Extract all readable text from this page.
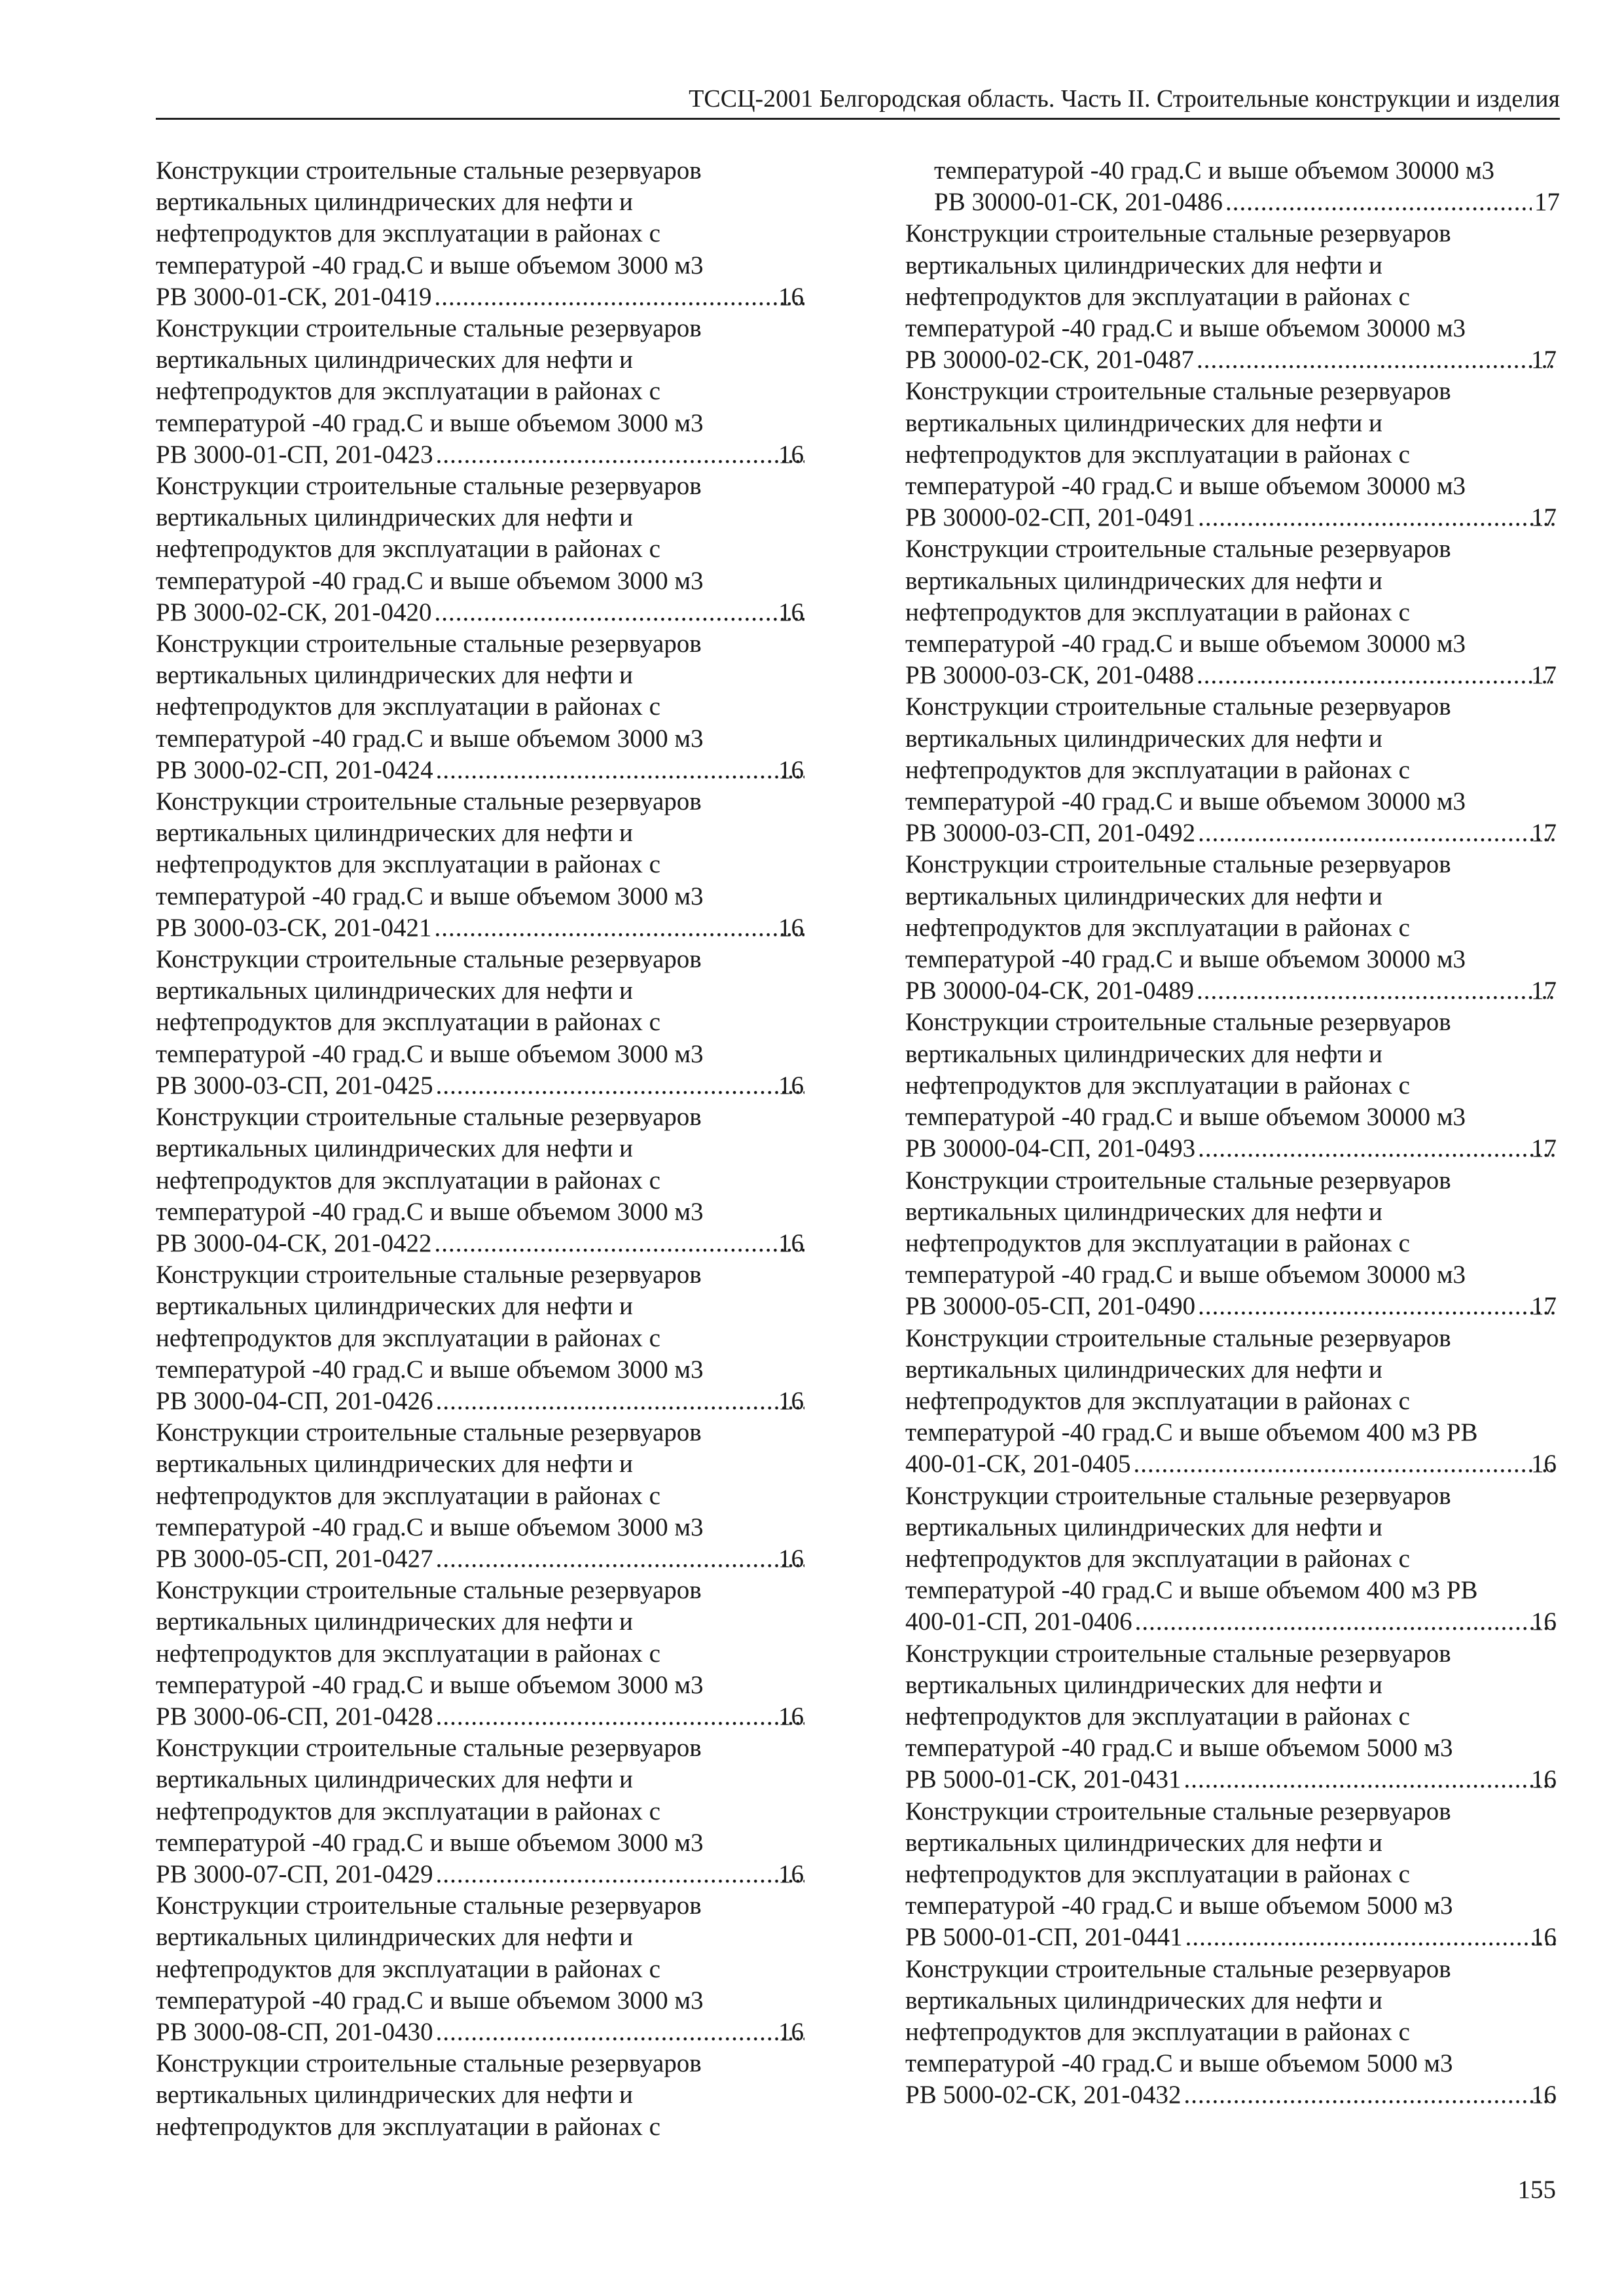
ТССЦ-2001 Белгородская область. Часть II. Строительные конструкции и изделия
Конструкции строительные стальные резервуаров
вертикальных цилиндрических для нефти и
нефтепродуктов для эксплуатации в районах с
температурой -40 град.С и выше объемом 3000 м3
РВ 3000-01-СК, 201-0419 .....	16
Конструкции строительные стальные резервуаров
вертикальных цилиндрических для нефти и
нефтепродуктов для эксплуатации в районах с
температурой -40 град.С и выше объемом 3000 м3
РВ 3000-01-СП, 201-0423 .....	16
Конструкции строительные стальные резервуаров
вертикальных цилиндрических для нефти и
нефтепродуктов для эксплуатации в районах с
температурой -40 град.С и выше объемом 3000 м3
РВ 3000-02-СК, 201-0420 .....	16
Конструкции строительные стальные резервуаров
вертикальных цилиндрических для нефти и
нефтепродуктов для эксплуатации в районах с
температурой -40 град.С и выше объемом 3000 м3
РВ 3000-02-СП, 201-0424 .....	16
Конструкции строительные стальные резервуаров
вертикальных цилиндрических для нефти и
нефтепродуктов для эксплуатации в районах с
температурой -40 град.С и выше объемом 3000 м3
РВ 3000-03-СК, 201-0421 .....	16
Конструкции строительные стальные резервуаров
вертикальных цилиндрических для нефти и
нефтепродуктов для эксплуатации в районах с
температурой -40 град.С и выше объемом 3000 м3
РВ 3000-03-СП, 201-0425 .....	16
Конструкции строительные стальные резервуаров
вертикальных цилиндрических для нефти и
нефтепродуктов для эксплуатации в районах с
температурой -40 град.С и выше объемом 3000 м3
РВ 3000-04-СК, 201-0422 .....	16
Конструкции строительные стальные резервуаров
вертикальных цилиндрических для нефти и
нефтепродуктов для эксплуатации в районах с
температурой -40 град.С и выше объемом 3000 м3
РВ 3000-04-СП, 201-0426 .....	16
Конструкции строительные стальные резервуаров
вертикальных цилиндрических для нефти и
нефтепродуктов для эксплуатации в районах с
температурой -40 град.С и выше объемом 3000 м3
РВ 3000-05-СП, 201-0427 .....	16
Конструкции строительные стальные резервуаров
вертикальных цилиндрических для нефти и
нефтепродуктов для эксплуатации в районах с
температурой -40 град.С и выше объемом 3000 м3
РВ 3000-06-СП, 201-0428 .....	16
Конструкции строительные стальные резервуаров
вертикальных цилиндрических для нефти и
нефтепродуктов для эксплуатации в районах с
температурой -40 град.С и выше объемом 3000 м3
РВ 3000-07-СП, 201-0429 .....	16
Конструкции строительные стальные резервуаров
вертикальных цилиндрических для нефти и
нефтепродуктов для эксплуатации в районах с
температурой -40 град.С и выше объемом 3000 м3
РВ 3000-08-СП, 201-0430 .....	16
Конструкции строительные стальные резервуаров
вертикальных цилиндрических для нефти и
нефтепродуктов для эксплуатации в районах с
температурой -40 град.С и выше объемом 30000 м3
РВ 30000-01-СК, 201-0486 .....	17
Конструкции строительные стальные резервуаров
вертикальных цилиндрических для нефти и
нефтепродуктов для эксплуатации в районах с
температурой -40 град.С и выше объемом 30000 м3
РВ 30000-02-СК, 201-0487 .....	17
Конструкции строительные стальные резервуаров
вертикальных цилиндрических для нефти и
нефтепродуктов для эксплуатации в районах с
температурой -40 град.С и выше объемом 30000 м3
РВ 30000-02-СП, 201-0491 .....	17
Конструкции строительные стальные резервуаров
вертикальных цилиндрических для нефти и
нефтепродуктов для эксплуатации в районах с
температурой -40 град.С и выше объемом 30000 м3
РВ 30000-03-СК, 201-0488 .....	17
Конструкции строительные стальные резервуаров
вертикальных цилиндрических для нефти и
нефтепродуктов для эксплуатации в районах с
температурой -40 град.С и выше объемом 30000 м3
РВ 30000-03-СП, 201-0492 .....	17
Конструкции строительные стальные резервуаров
вертикальных цилиндрических для нефти и
нефтепродуктов для эксплуатации в районах с
температурой -40 град.С и выше объемом 30000 м3
РВ 30000-04-СК, 201-0489 .....	17
Конструкции строительные стальные резервуаров
вертикальных цилиндрических для нефти и
нефтепродуктов для эксплуатации в районах с
температурой -40 град.С и выше объемом 30000 м3
РВ 30000-04-СП, 201-0493 .....	17
Конструкции строительные стальные резервуаров
вертикальных цилиндрических для нефти и
нефтепродуктов для эксплуатации в районах с
температурой -40 град.С и выше объемом 30000 м3
РВ 30000-05-СП, 201-0490 .....	17
Конструкции строительные стальные резервуаров
вертикальных цилиндрических для нефти и
нефтепродуктов для эксплуатации в районах с
температурой -40 град.С и выше объемом 400 м3 РВ
400-01-СК, 201-0405 .....	16
Конструкции строительные стальные резервуаров
вертикальных цилиндрических для нефти и
нефтепродуктов для эксплуатации в районах с
температурой -40 град.С и выше объемом 400 м3 РВ
400-01-СП, 201-0406 .....	16
Конструкции строительные стальные резервуаров
вертикальных цилиндрических для нефти и
нефтепродуктов для эксплуатации в районах с
температурой -40 град.С и выше объемом 5000 м3
РВ 5000-01-СК, 201-0431 .....	16
Конструкции строительные стальные резервуаров
вертикальных цилиндрических для нефти и
нефтепродуктов для эксплуатации в районах с
температурой -40 град.С и выше объемом 5000 м3
РВ 5000-01-СП, 201-0441 .....	16
Конструкции строительные стальные резервуаров
вертикальных цилиндрических для нефти и
нефтепродуктов для эксплуатации в районах с
температурой -40 град.С и выше объемом 5000 м3
РВ 5000-02-СК, 201-0432 .....	16
155
